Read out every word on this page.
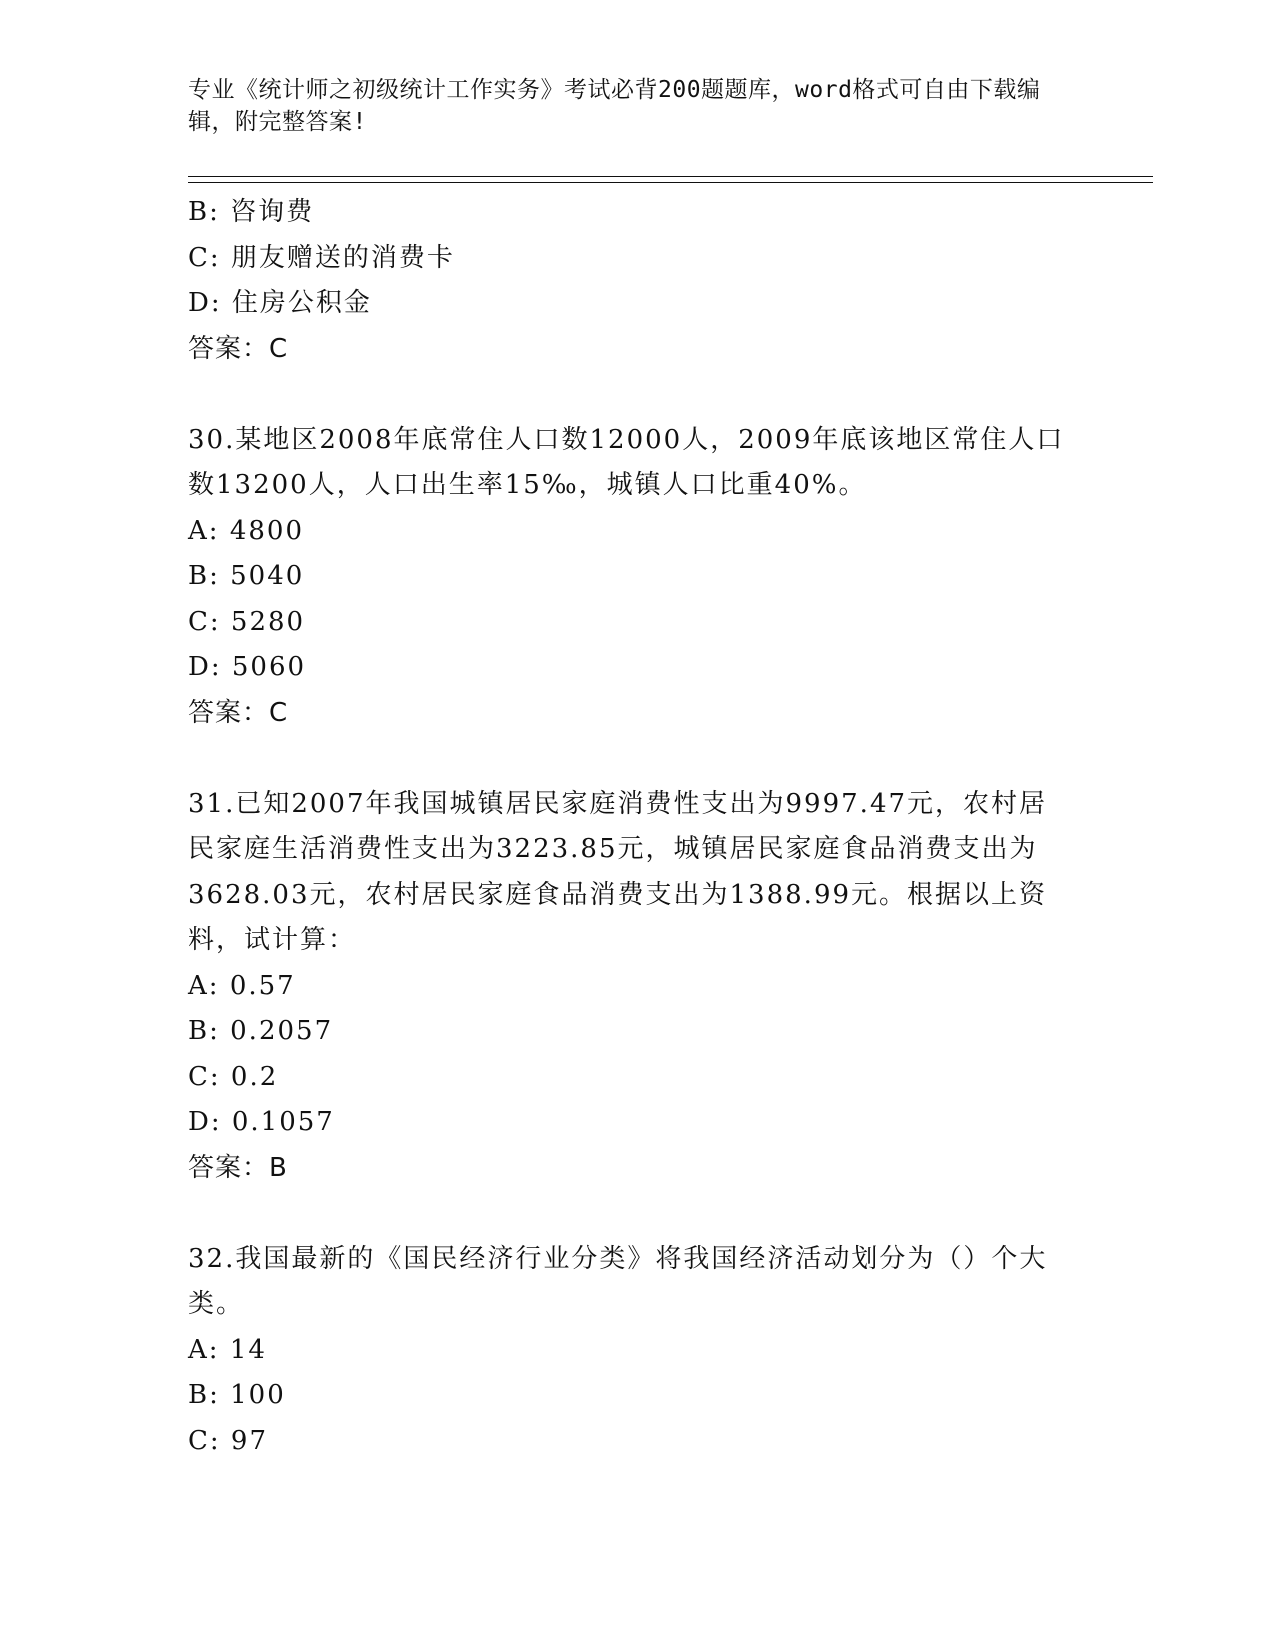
专业《统计师之初级统计工作实务》考试必背200题题库，word格式可自由下载编辑，附完整答案!
B: 咨询费
C: 朋友赠送的消费卡
D: 住房公积金
答案：C
30.某地区2008年底常住人口数12000人，2009年底该地区常住人口
数13200人，人口出生率15‰，城镇人口比重40%。
A: 4800
B: 5040
C: 5280
D: 5060
答案：C
31.已知2007年我国城镇居民家庭消费性支出为9997.47元，农村居
民家庭生活消费性支出为3223.85元，城镇居民家庭食品消费支出为
3628.03元，农村居民家庭食品消费支出为1388.99元。根据以上资
料，试计算：
A: 0.57
B: 0.2057
C: 0.2
D: 0.1057
答案：B
32.我国最新的《国民经济行业分类》将我国经济活动划分为（）个大
类。
A: 14
B: 100
C: 97
